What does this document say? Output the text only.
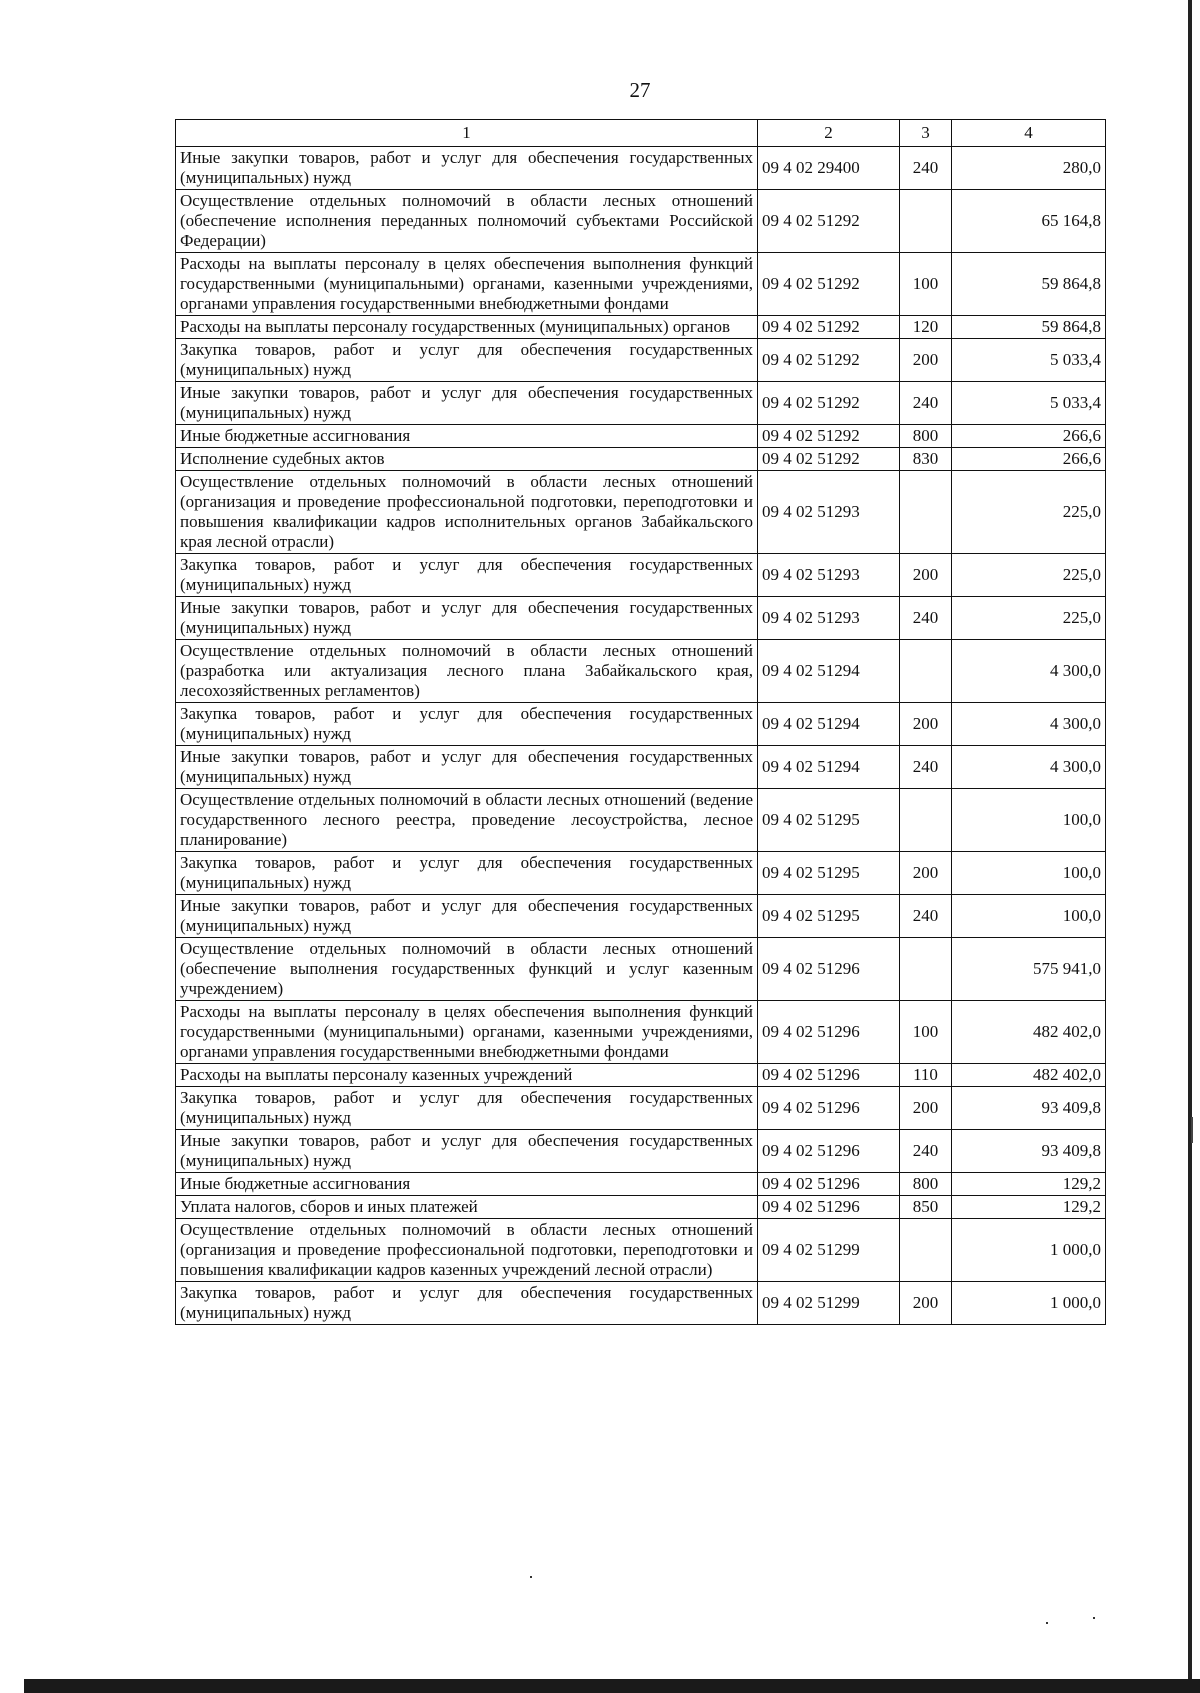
27
1	2	3	4
Иные закупки товаров, работ и услуг для обеспечения государственных (муниципальных) нужд	09 4 02 29400	240	280,0
Осуществление отдельных полномочий в области лесных отношений (обеспечение исполнения переданных полномочий субъектами Российской Федерации)	09 4 02 51292		65 164,8
Расходы на выплаты персоналу в целях обеспечения выполнения функций государственными (муниципальными) органами, казенными учреждениями, органами управления государственными внебюджетными фондами	09 4 02 51292	100	59 864,8
Расходы на выплаты персоналу государственных (муниципальных) органов	09 4 02 51292	120	59 864,8
Закупка товаров, работ и услуг для обеспечения государственных (муниципальных) нужд	09 4 02 51292	200	5 033,4
Иные закупки товаров, работ и услуг для обеспечения государственных (муниципальных) нужд	09 4 02 51292	240	5 033,4
Иные бюджетные ассигнования	09 4 02 51292	800	266,6
Исполнение судебных актов	09 4 02 51292	830	266,6
Осуществление отдельных полномочий в области лесных отношений (организация и проведение профессиональной подготовки, переподготовки и повышения квалификации кадров исполнительных органов Забайкальского края лесной отрасли)	09 4 02 51293		225,0
Закупка товаров, работ и услуг для обеспечения государственных (муниципальных) нужд	09 4 02 51293	200	225,0
Иные закупки товаров, работ и услуг для обеспечения государственных (муниципальных) нужд	09 4 02 51293	240	225,0
Осуществление отдельных полномочий в области лесных отношений (разработка или актуализация лесного плана Забайкальского края, лесохозяйственных регламентов)	09 4 02 51294		4 300,0
Закупка товаров, работ и услуг для обеспечения государственных (муниципальных) нужд	09 4 02 51294	200	4 300,0
Иные закупки товаров, работ и услуг для обеспечения государственных (муниципальных) нужд	09 4 02 51294	240	4 300,0
Осуществление отдельных полномочий в области лесных отношений (ведение государственного лесного реестра, проведение лесоустройства, лесное планирование)	09 4 02 51295		100,0
Закупка товаров, работ и услуг для обеспечения государственных (муниципальных) нужд	09 4 02 51295	200	100,0
Иные закупки товаров, работ и услуг для обеспечения государственных (муниципальных) нужд	09 4 02 51295	240	100,0
Осуществление отдельных полномочий в области лесных отношений (обеспечение выполнения государственных функций и услуг казенным учреждением)	09 4 02 51296		575 941,0
Расходы на выплаты персоналу в целях обеспечения выполнения функций государственными (муниципальными) органами, казенными учреждениями, органами управления государственными внебюджетными фондами	09 4 02 51296	100	482 402,0
Расходы на выплаты персоналу казенных учреждений	09 4 02 51296	110	482 402,0
Закупка товаров, работ и услуг для обеспечения государственных (муниципальных) нужд	09 4 02 51296	200	93 409,8
Иные закупки товаров, работ и услуг для обеспечения государственных (муниципальных) нужд	09 4 02 51296	240	93 409,8
Иные бюджетные ассигнования	09 4 02 51296	800	129,2
Уплата налогов, сборов и иных платежей	09 4 02 51296	850	129,2
Осуществление отдельных полномочий в области лесных отношений (организация и проведение профессиональной подготовки, переподготовки и повышения квалификации кадров казенных учреждений лесной отрасли)	09 4 02 51299		1 000,0
Закупка товаров, работ и услуг для обеспечения государственных (муниципальных) нужд	09 4 02 51299	200	1 000,0
